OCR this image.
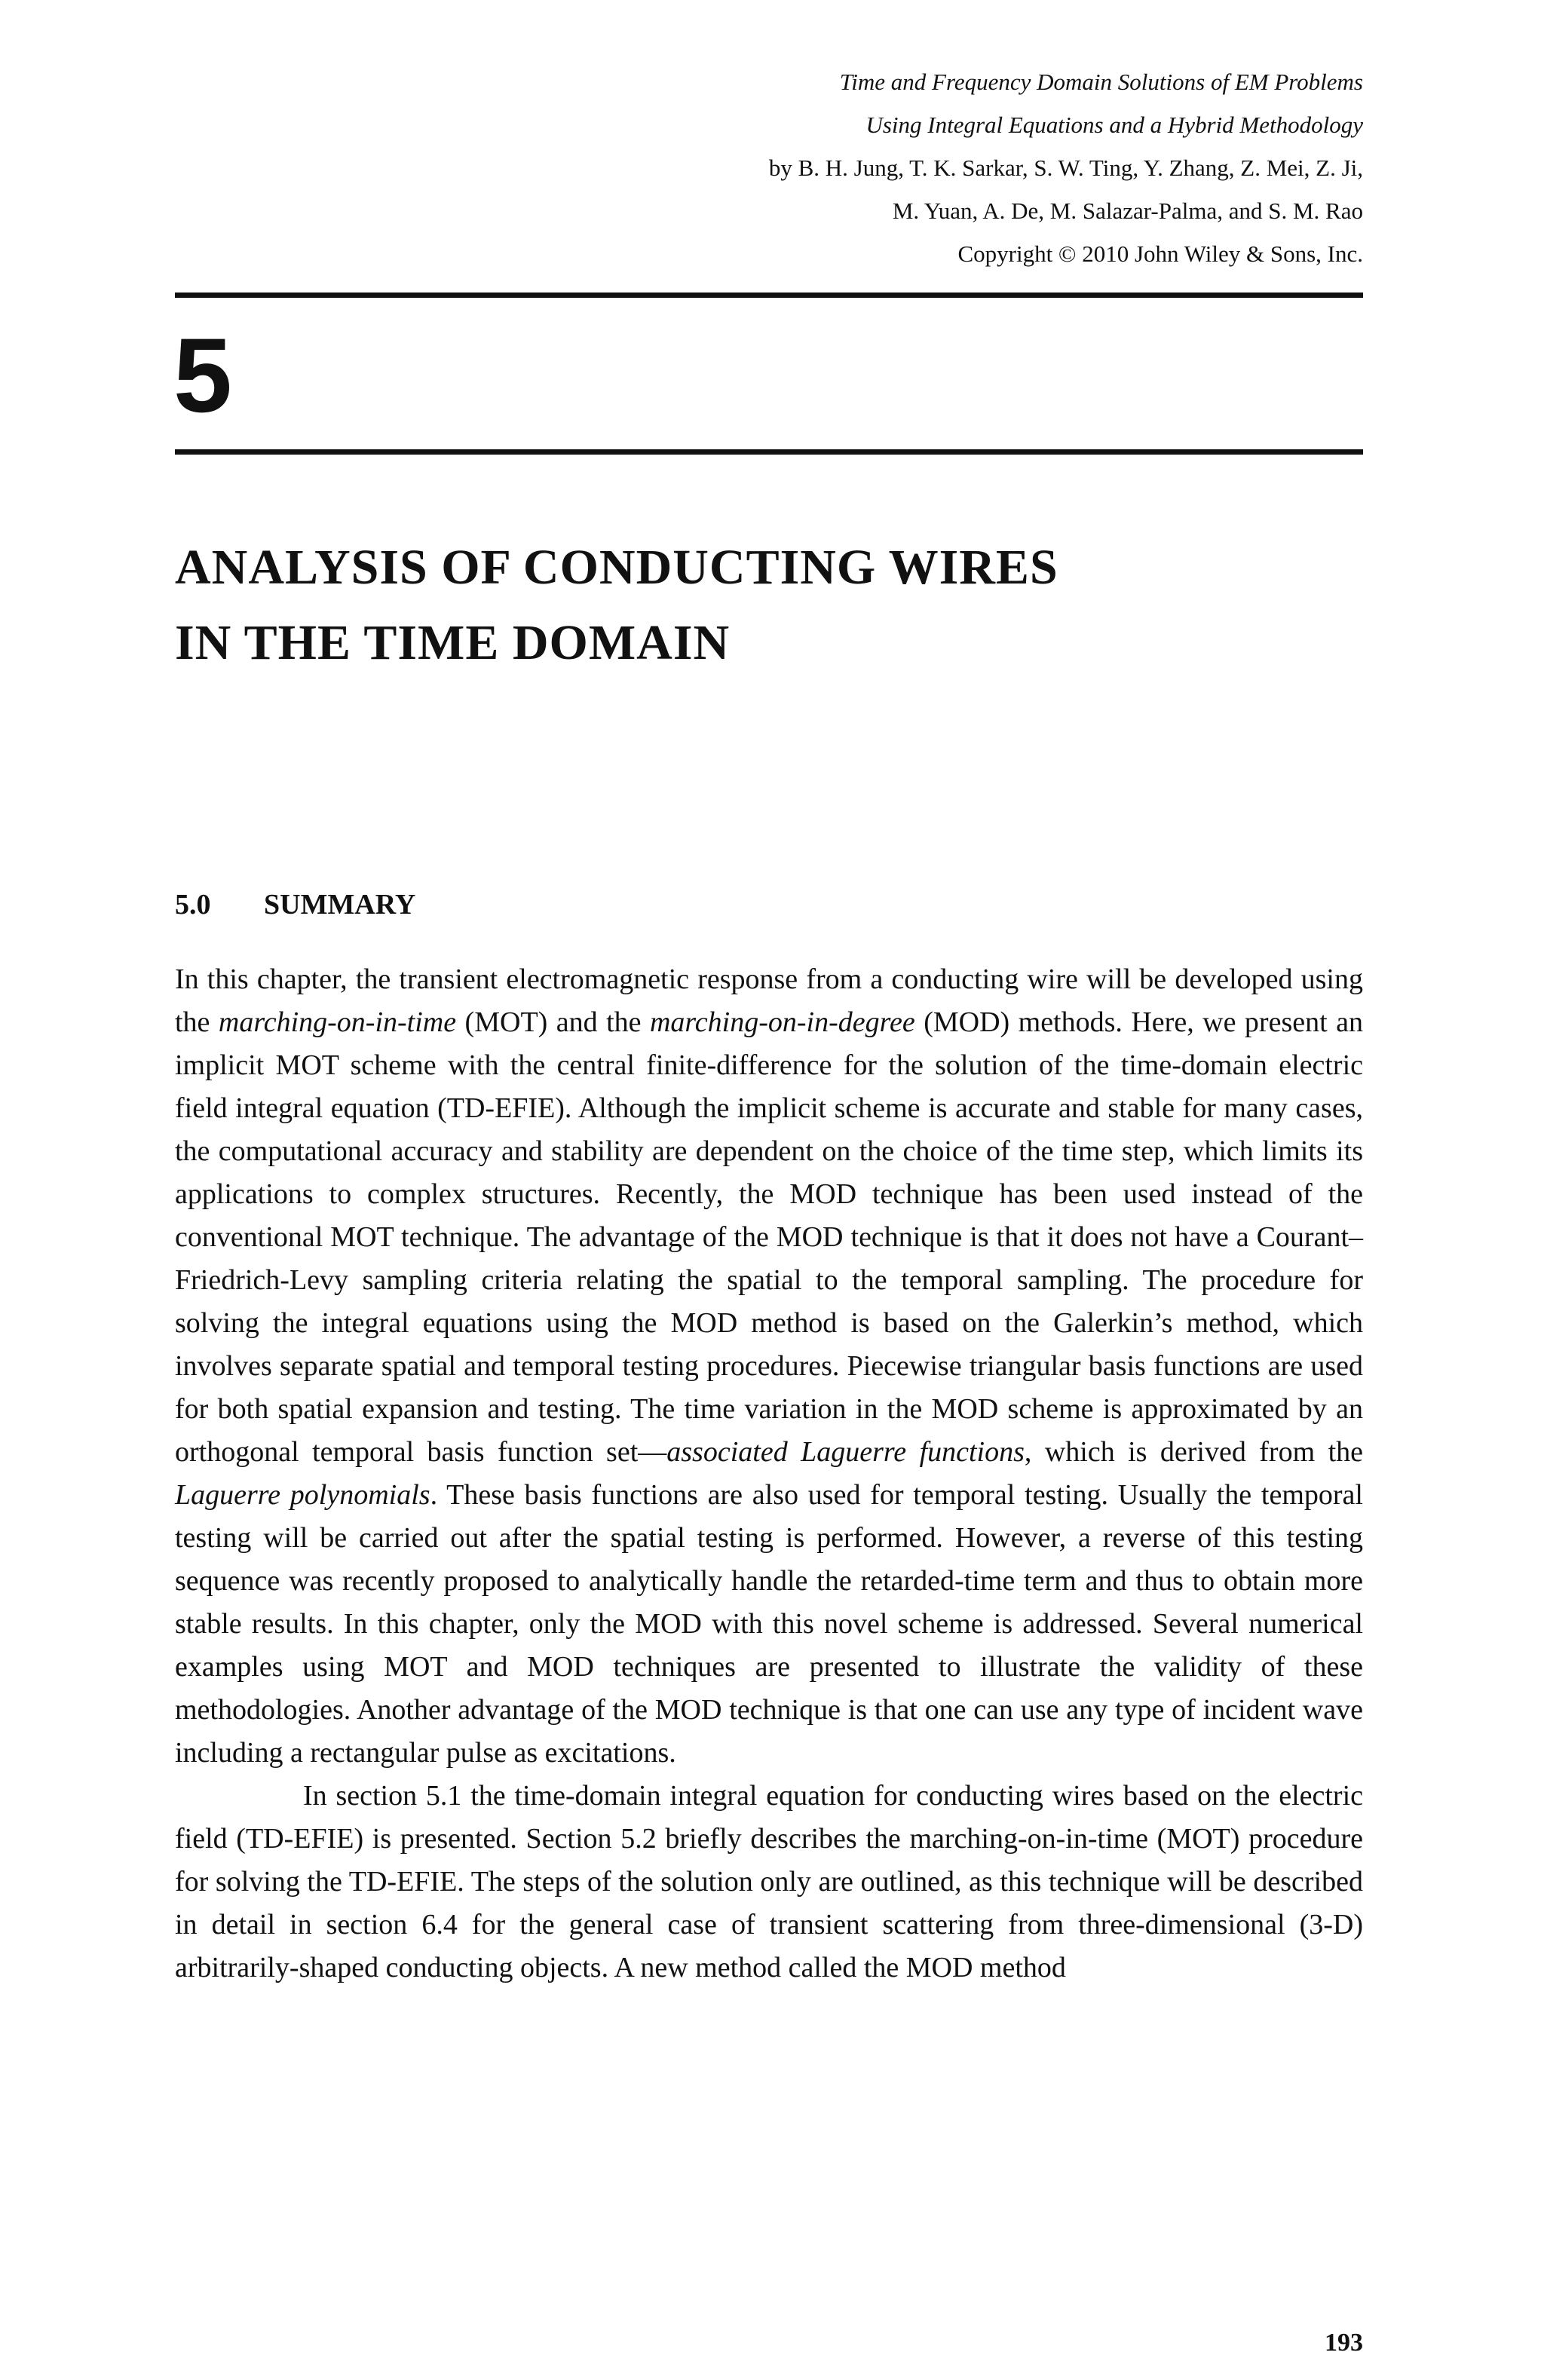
Time and Frequency Domain Solutions of EM Problems
Using Integral Equations and a Hybrid Methodology
by B. H. Jung, T. K. Sarkar, S. W. Ting, Y. Zhang, Z. Mei, Z. Ji,
M. Yuan, A. De, M. Salazar-Palma, and S. M. Rao
Copyright © 2010 John Wiley & Sons, Inc.
5
ANALYSIS OF CONDUCTING WIRES
IN THE TIME DOMAIN
5.0 SUMMARY

In this chapter, the transient electromagnetic response from a conducting wire will be developed using the marching-on-in-time (MOT) and the marching-on-in-degree (MOD) methods. Here, we present an implicit MOT scheme with the central finite-difference for the solution of the time-domain electric field integral equation (TD-EFIE). Although the implicit scheme is accurate and stable for many cases, the computational accuracy and stability are dependent on the choice of the time step, which limits its applications to complex structures. Recently, the MOD technique has been used instead of the conventional MOT technique. The advantage of the MOD technique is that it does not have a Courant–Friedrich-Levy sampling criteria relating the spatial to the temporal sampling. The procedure for solving the integral equations using the MOD method is based on the Galerkin’s method, which involves separate spatial and temporal testing procedures. Piecewise triangular basis functions are used for both spatial expansion and testing. The time variation in the MOD scheme is approximated by an orthogonal temporal basis function set—associated Laguerre functions, which is derived from the Laguerre polynomials. These basis functions are also used for temporal testing. Usually the temporal testing will be carried out after the spatial testing is performed. However, a reverse of this testing sequence was recently proposed to analytically handle the retarded-time term and thus to obtain more stable results. In this chapter, only the MOD with this novel scheme is addressed. Several numerical examples using MOT and MOD techniques are presented to illustrate the validity of these methodologies. Another advantage of the MOD technique is that one can use any type of incident wave including a rectangular pulse as excitations.

In section 5.1 the time-domain integral equation for conducting wires based on the electric field (TD-EFIE) is presented. Section 5.2 briefly describes the marching-on-in-time (MOT) procedure for solving the TD-EFIE. The steps of the solution only are outlined, as this technique will be described in detail in section 6.4 for the general case of transient scattering from three-dimensional (3-D) arbitrarily-shaped conducting objects. A new method called the MOD method

193
